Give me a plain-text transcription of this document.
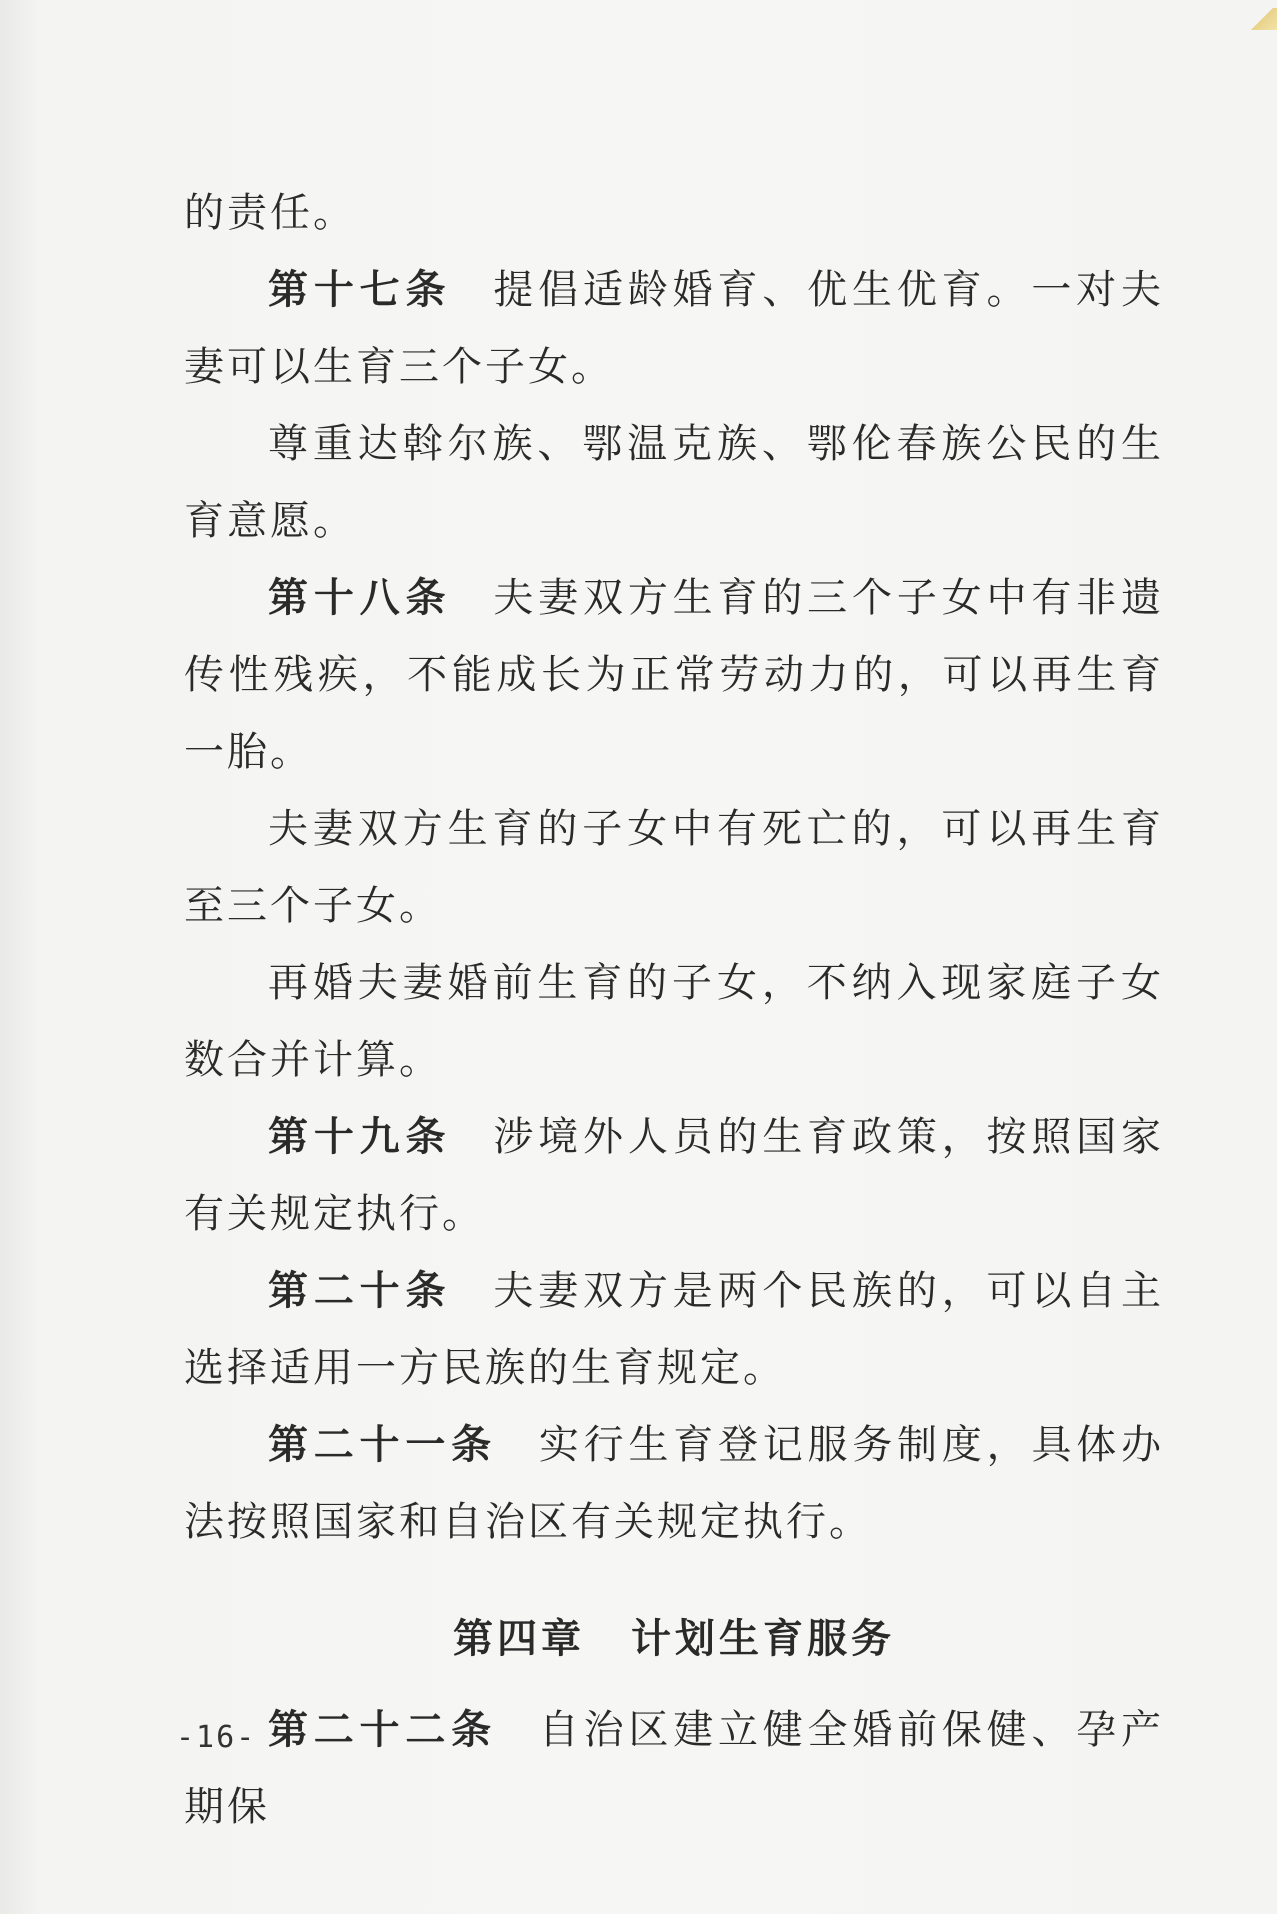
的责任。

第十七条 提倡适龄婚育、优生优育。一对夫妻可以生育三个子女。

尊重达斡尔族、鄂温克族、鄂伦春族公民的生育意愿。

第十八条 夫妻双方生育的三个子女中有非遗传性残疾，不能成长为正常劳动力的，可以再生育一胎。

夫妻双方生育的子女中有死亡的，可以再生育至三个子女。

再婚夫妻婚前生育的子女，不纳入现家庭子女数合并计算。

第十九条 涉境外人员的生育政策，按照国家有关规定执行。

第二十条 夫妻双方是两个民族的，可以自主选择适用一方民族的生育规定。

第二十一条 实行生育登记服务制度，具体办法按照国家和自治区有关规定执行。

第四章 计划生育服务

第二十二条 自治区建立健全婚前保健、孕产期保

-16-
